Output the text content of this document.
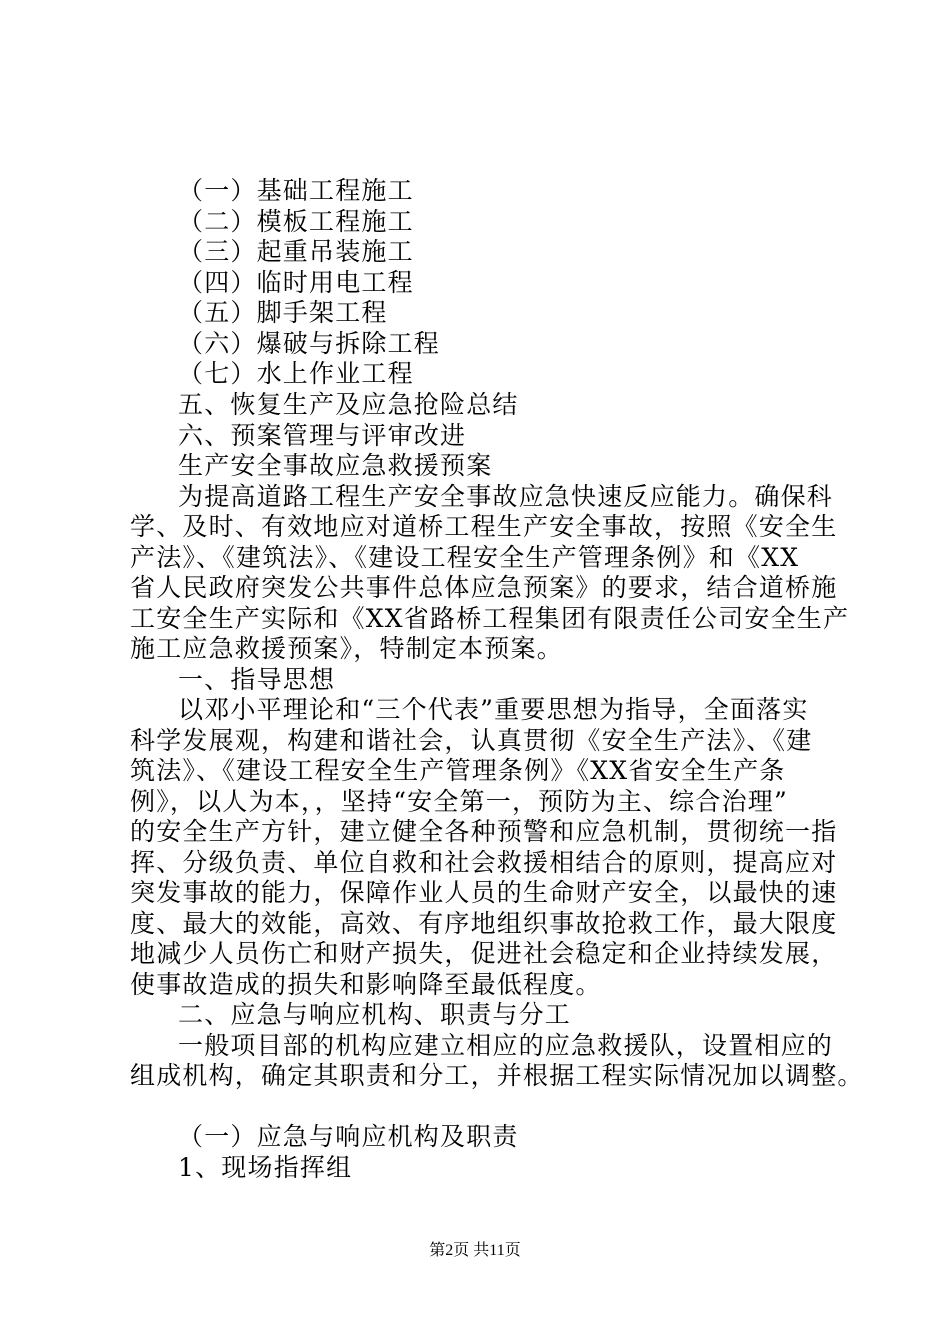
（一）基础工程施工
（二）模板工程施工
（三）起重吊装施工
（四）临时用电工程
（五）脚手架工程
（六）爆破与拆除工程
（七）水上作业工程
五、恢复生产及应急抢险总结
六、预案管理与评审改进
生产安全事故应急救援预案
为提高道路工程生产安全事故应急快速反应能力。确保科
学、及时、有效地应对道桥工程生产安全事故，按照《安全生
产法》、《建筑法》、《建设工程安全生产管理条例》和《XX
省人民政府突发公共事件总体应急预案》的要求，结合道桥施
工安全生产实际和《XX省路桥工程集团有限责任公司安全生产
施工应急救援预案》，特制定本预案。
一、指导思想
以邓小平理论和“三个代表”重要思想为指导，全面落实
科学发展观，构建和谐社会，认真贯彻《安全生产法》、《建
筑法》、《建设工程安全生产管理条例》《XX省安全生产条
例》，以人为本，，坚持“安全第一，预防为主、综合治理”
的安全生产方针，建立健全各种预警和应急机制，贯彻统一指
挥、分级负责、单位自救和社会救援相结合的原则，提高应对
突发事故的能力，保障作业人员的生命财产安全，以最快的速
度、最大的效能，高效、有序地组织事故抢救工作，最大限度
地减少人员伤亡和财产损失，促进社会稳定和企业持续发展，
使事故造成的损失和影响降至最低程度。
二、应急与响应机构、职责与分工
一般项目部的机构应建立相应的应急救援队，设置相应的
组成机构，确定其职责和分工，并根据工程实际情况加以调整。
（一）应急与响应机构及职责
1、现场指挥组
第2页 共11页
